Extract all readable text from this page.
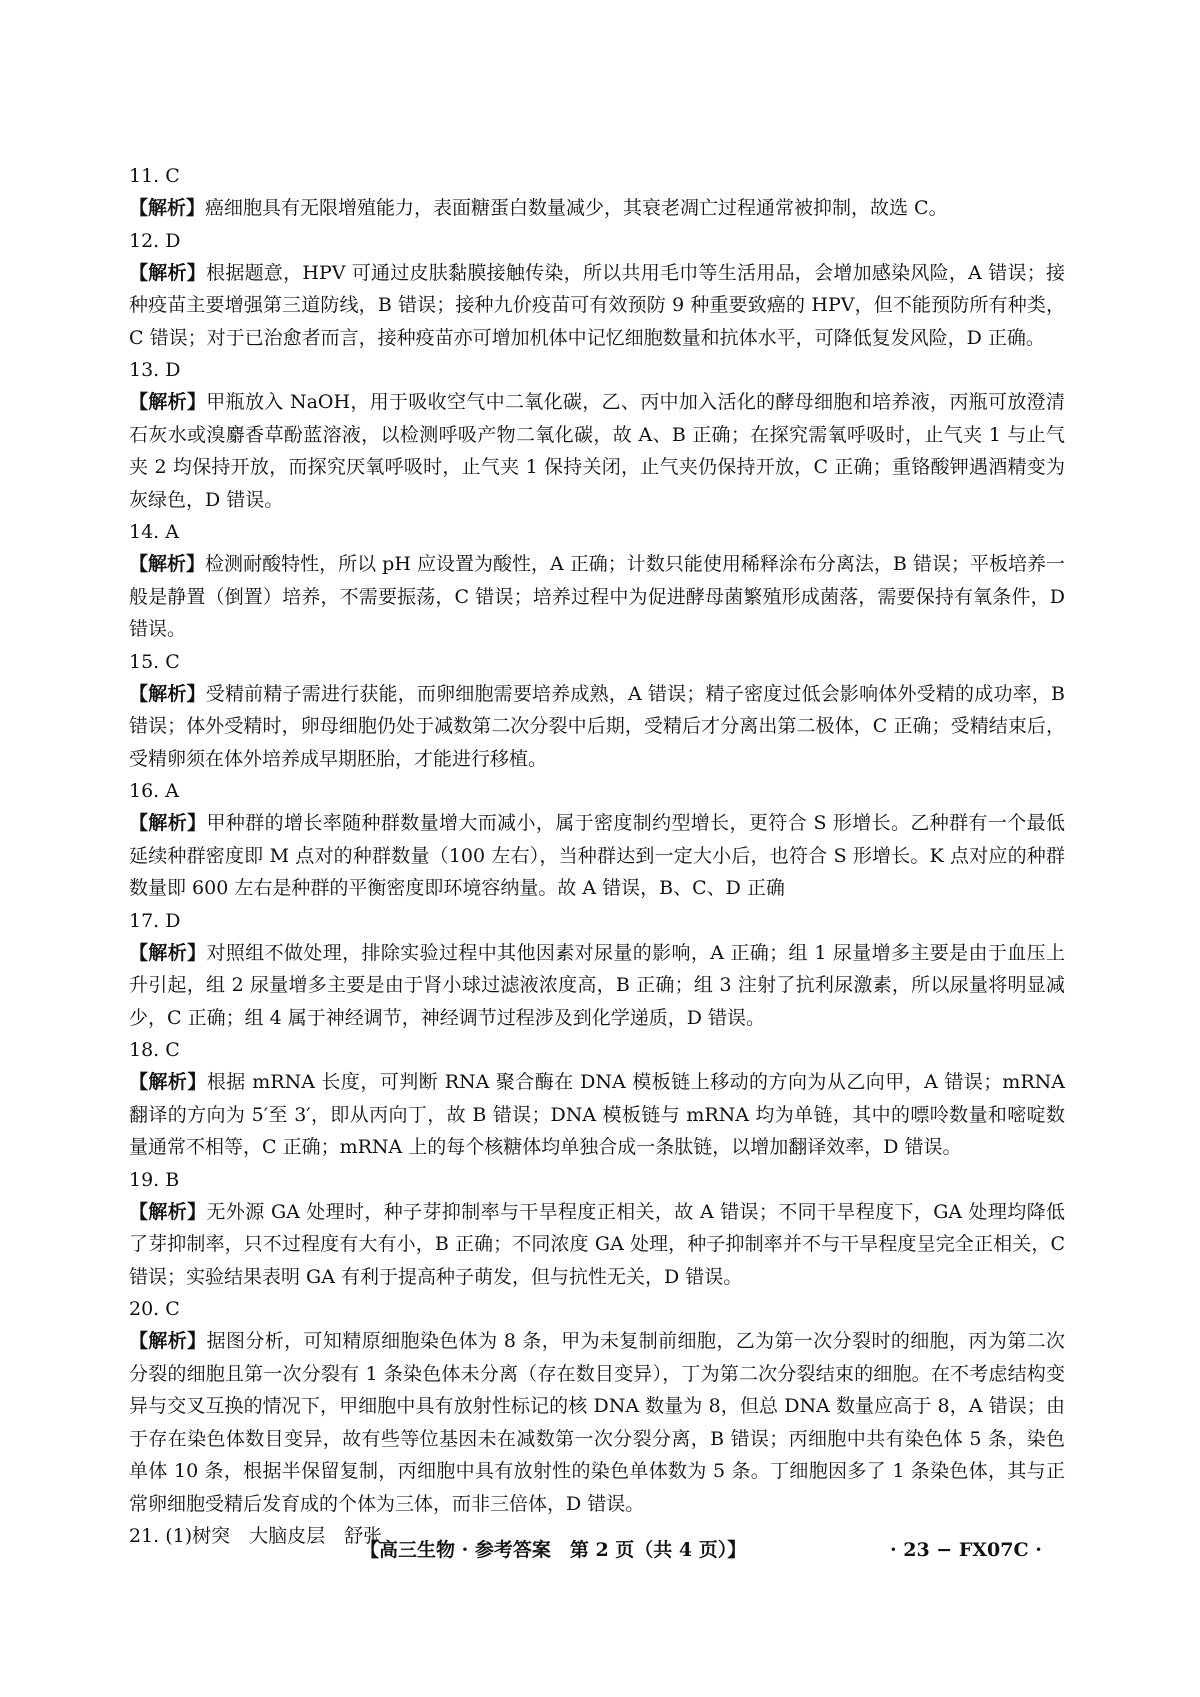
11. C
【解析】癌细胞具有无限增殖能力，表面糖蛋白数量减少，其衰老凋亡过程通常被抑制，故选 C。
12. D
【解析】根据题意，HPV 可通过皮肤黏膜接触传染，所以共用毛巾等生活用品，会增加感染风险，A 错误；接种疫苗主要增强第三道防线，B 错误；接种九价疫苗可有效预防 9 种重要致癌的 HPV，但不能预防所有种类，C 错误；对于已治愈者而言，接种疫苗亦可增加机体中记忆细胞数量和抗体水平，可降低复发风险，D 正确。
13. D
【解析】甲瓶放入 NaOH，用于吸收空气中二氧化碳，乙、丙中加入活化的酵母细胞和培养液，丙瓶可放澄清石灰水或溴麝香草酚蓝溶液，以检测呼吸产物二氧化碳，故 A、B 正确；在探究需氧呼吸时，止气夹 1 与止气夹 2 均保持开放，而探究厌氧呼吸时，止气夹 1 保持关闭，止气夹仍保持开放，C 正确；重铬酸钾遇酒精变为灰绿色，D 错误。
14. A
【解析】检测耐酸特性，所以 pH 应设置为酸性，A 正确；计数只能使用稀释涂布分离法，B 错误；平板培养一般是静置（倒置）培养，不需要振荡，C 错误；培养过程中为促进酵母菌繁殖形成菌落，需要保持有氧条件，D 错误。
15. C
【解析】受精前精子需进行获能，而卵细胞需要培养成熟，A 错误；精子密度过低会影响体外受精的成功率，B 错误；体外受精时，卵母细胞仍处于减数第二次分裂中后期，受精后才分离出第二极体，C 正确；受精结束后，受精卵须在体外培养成早期胚胎，才能进行移植。
16. A
【解析】甲种群的增长率随种群数量增大而减小，属于密度制约型增长，更符合 S 形增长。乙种群有一个最低延续种群密度即 M 点对的种群数量（100 左右），当种群达到一定大小后，也符合 S 形增长。K 点对应的种群数量即 600 左右是种群的平衡密度即环境容纳量。故 A 错误，B、C、D 正确
17. D
【解析】对照组不做处理，排除实验过程中其他因素对尿量的影响，A 正确；组 1 尿量增多主要是由于血压上升引起，组 2 尿量增多主要是由于肾小球过滤液浓度高，B 正确；组 3 注射了抗利尿激素，所以尿量将明显减少，C 正确；组 4 属于神经调节，神经调节过程涉及到化学递质，D 错误。
18. C
【解析】根据 mRNA 长度，可判断 RNA 聚合酶在 DNA 模板链上移动的方向为从乙向甲，A 错误；mRNA 翻译的方向为 5′至 3′，即从丙向丁，故 B 错误；DNA 模板链与 mRNA 均为单链，其中的嘌呤数量和嘧啶数量通常不相等，C 正确；mRNA 上的每个核糖体均单独合成一条肽链，以增加翻译效率，D 错误。
19. B
【解析】无外源 GA 处理时，种子芽抑制率与干旱程度正相关，故 A 错误；不同干旱程度下，GA 处理均降低了芽抑制率，只不过程度有大有小，B 正确；不同浓度 GA 处理，种子抑制率并不与干旱程度呈完全正相关，C 错误；实验结果表明 GA 有利于提高种子萌发，但与抗性无关，D 错误。
20. C
【解析】据图分析，可知精原细胞染色体为 8 条，甲为未复制前细胞，乙为第一次分裂时的细胞，丙为第二次分裂的细胞且第一次分裂有 1 条染色体未分离（存在数目变异），丁为第二次分裂结束的细胞。在不考虑结构变异与交叉互换的情况下，甲细胞中具有放射性标记的核 DNA 数量为 8，但总 DNA 数量应高于 8，A 错误；由于存在染色体数目变异，故有些等位基因未在减数第一次分裂分离，B 错误；丙细胞中共有染色体 5 条，染色单体 10 条，根据半保留复制，丙细胞中具有放射性的染色单体数为 5 条。丁细胞因多了 1 条染色体，其与正常卵细胞受精后发育成的个体为三体，而非三倍体，D 错误。
21. (1)树突　大脑皮层　舒张
【高三生物 · 参考答案　第 2 页（共 4 页）】	· 23 − FX07C ·
